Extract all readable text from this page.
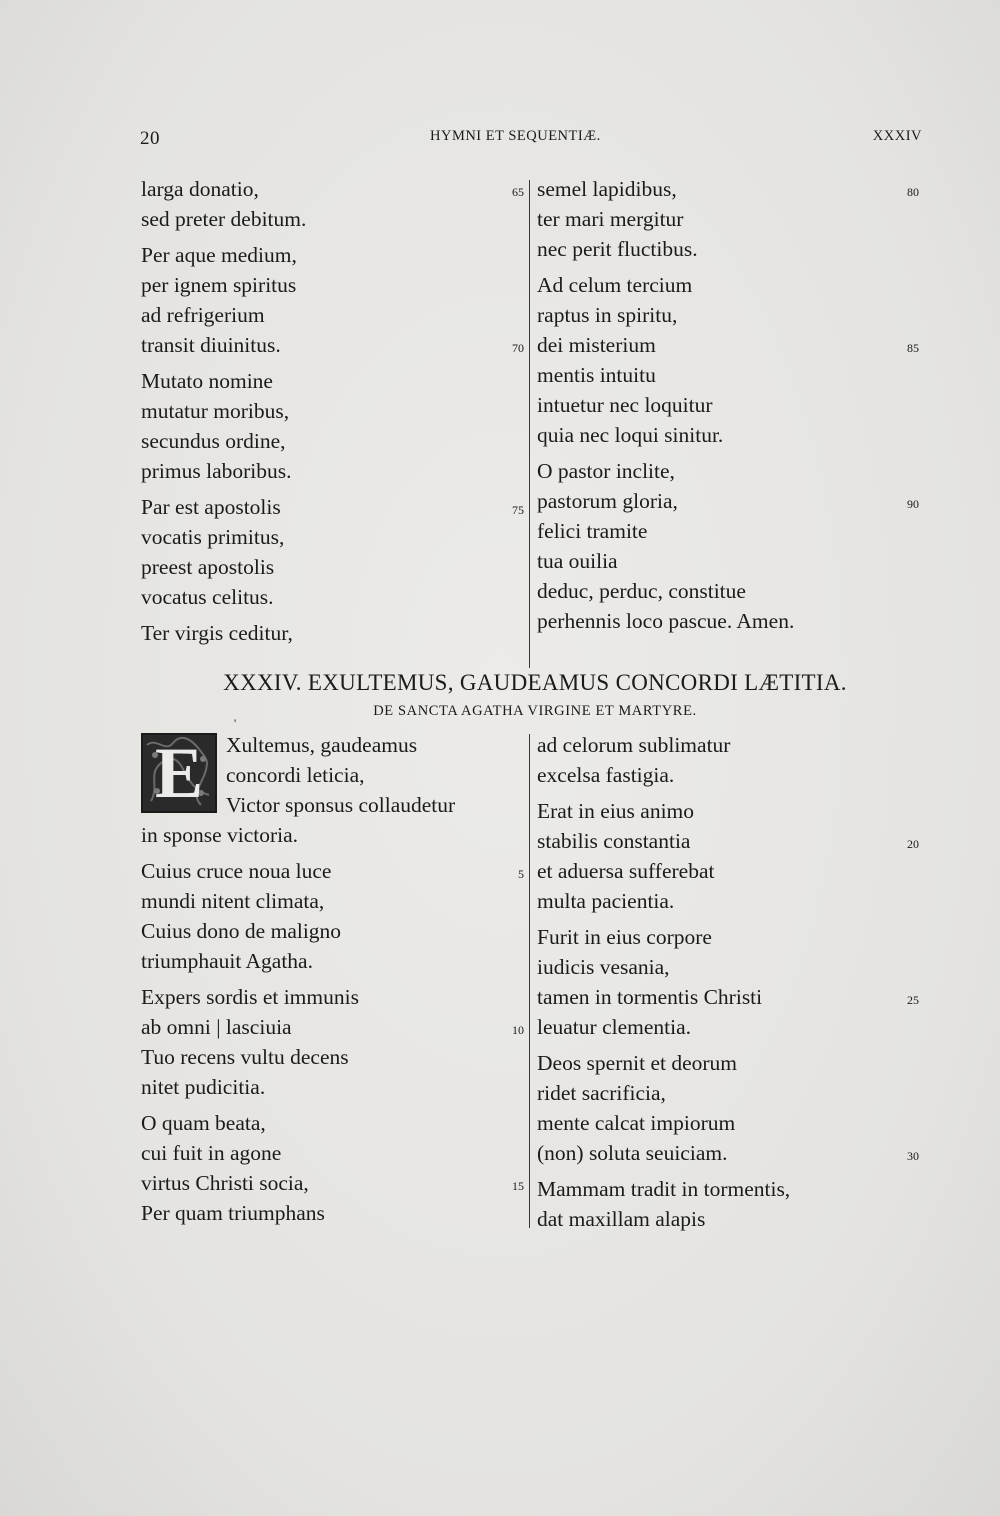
20	HYMNI ET SEQUENTIÆ.	XXXIV
larga donatio,	65
sed preter debitum.
Per aque medium,
per ignem spiritus
ad refrigerium
transit diuinitus.	70
Mutato nomine
mutatur moribus,
secundus ordine,
primus laboribus.
Par est apostolis	75
vocatis primitus,
preest apostolis
vocatus celitus.
Ter virgis ceditur,
semel lapidibus,	80
ter mari mergitur
nec perit fluctibus.
Ad celum tercium
raptus in spiritu,
dei misterium	85
mentis intuitu
intuetur nec loquitur
quia nec loqui sinitur.
O pastor inclite,
pastorum gloria,	90
felici tramite
tua ouilia
deduc, perduc, constitue
perhennis loco pascue. Amen.
XXXIV. EXULTEMUS, GAUDEAMUS CONCORDI LÆTITIA.
DE SANCTA AGATHA VIRGINE ET MARTYRE.
'
E	Xultemus, gaudeamus
concordi leticia,
Victor sponsus collaudetur
in sponse victoria.
Cuius cruce noua luce	5
mundi nitent climata,
Cuius dono de maligno
triumphauit Agatha.
Expers sordis et immunis
ab omni | lasciuia	10
Tuo recens vultu decens
nitet pudicitia.
O quam beata,
cui fuit in agone
virtus Christi socia,	15
Per quam triumphans
ad celorum sublimatur
excelsa fastigia.
Erat in eius animo
stabilis constantia	20
et aduersa sufferebat
multa pacientia.
Furit in eius corpore
iudicis vesania,
tamen in tormentis Christi	25
leuatur clementia.
Deos spernit et deorum
ridet sacrificia,
mente calcat impiorum
(non) soluta seuiciam.	30
Mammam tradit in tormentis,
dat maxillam alapis
